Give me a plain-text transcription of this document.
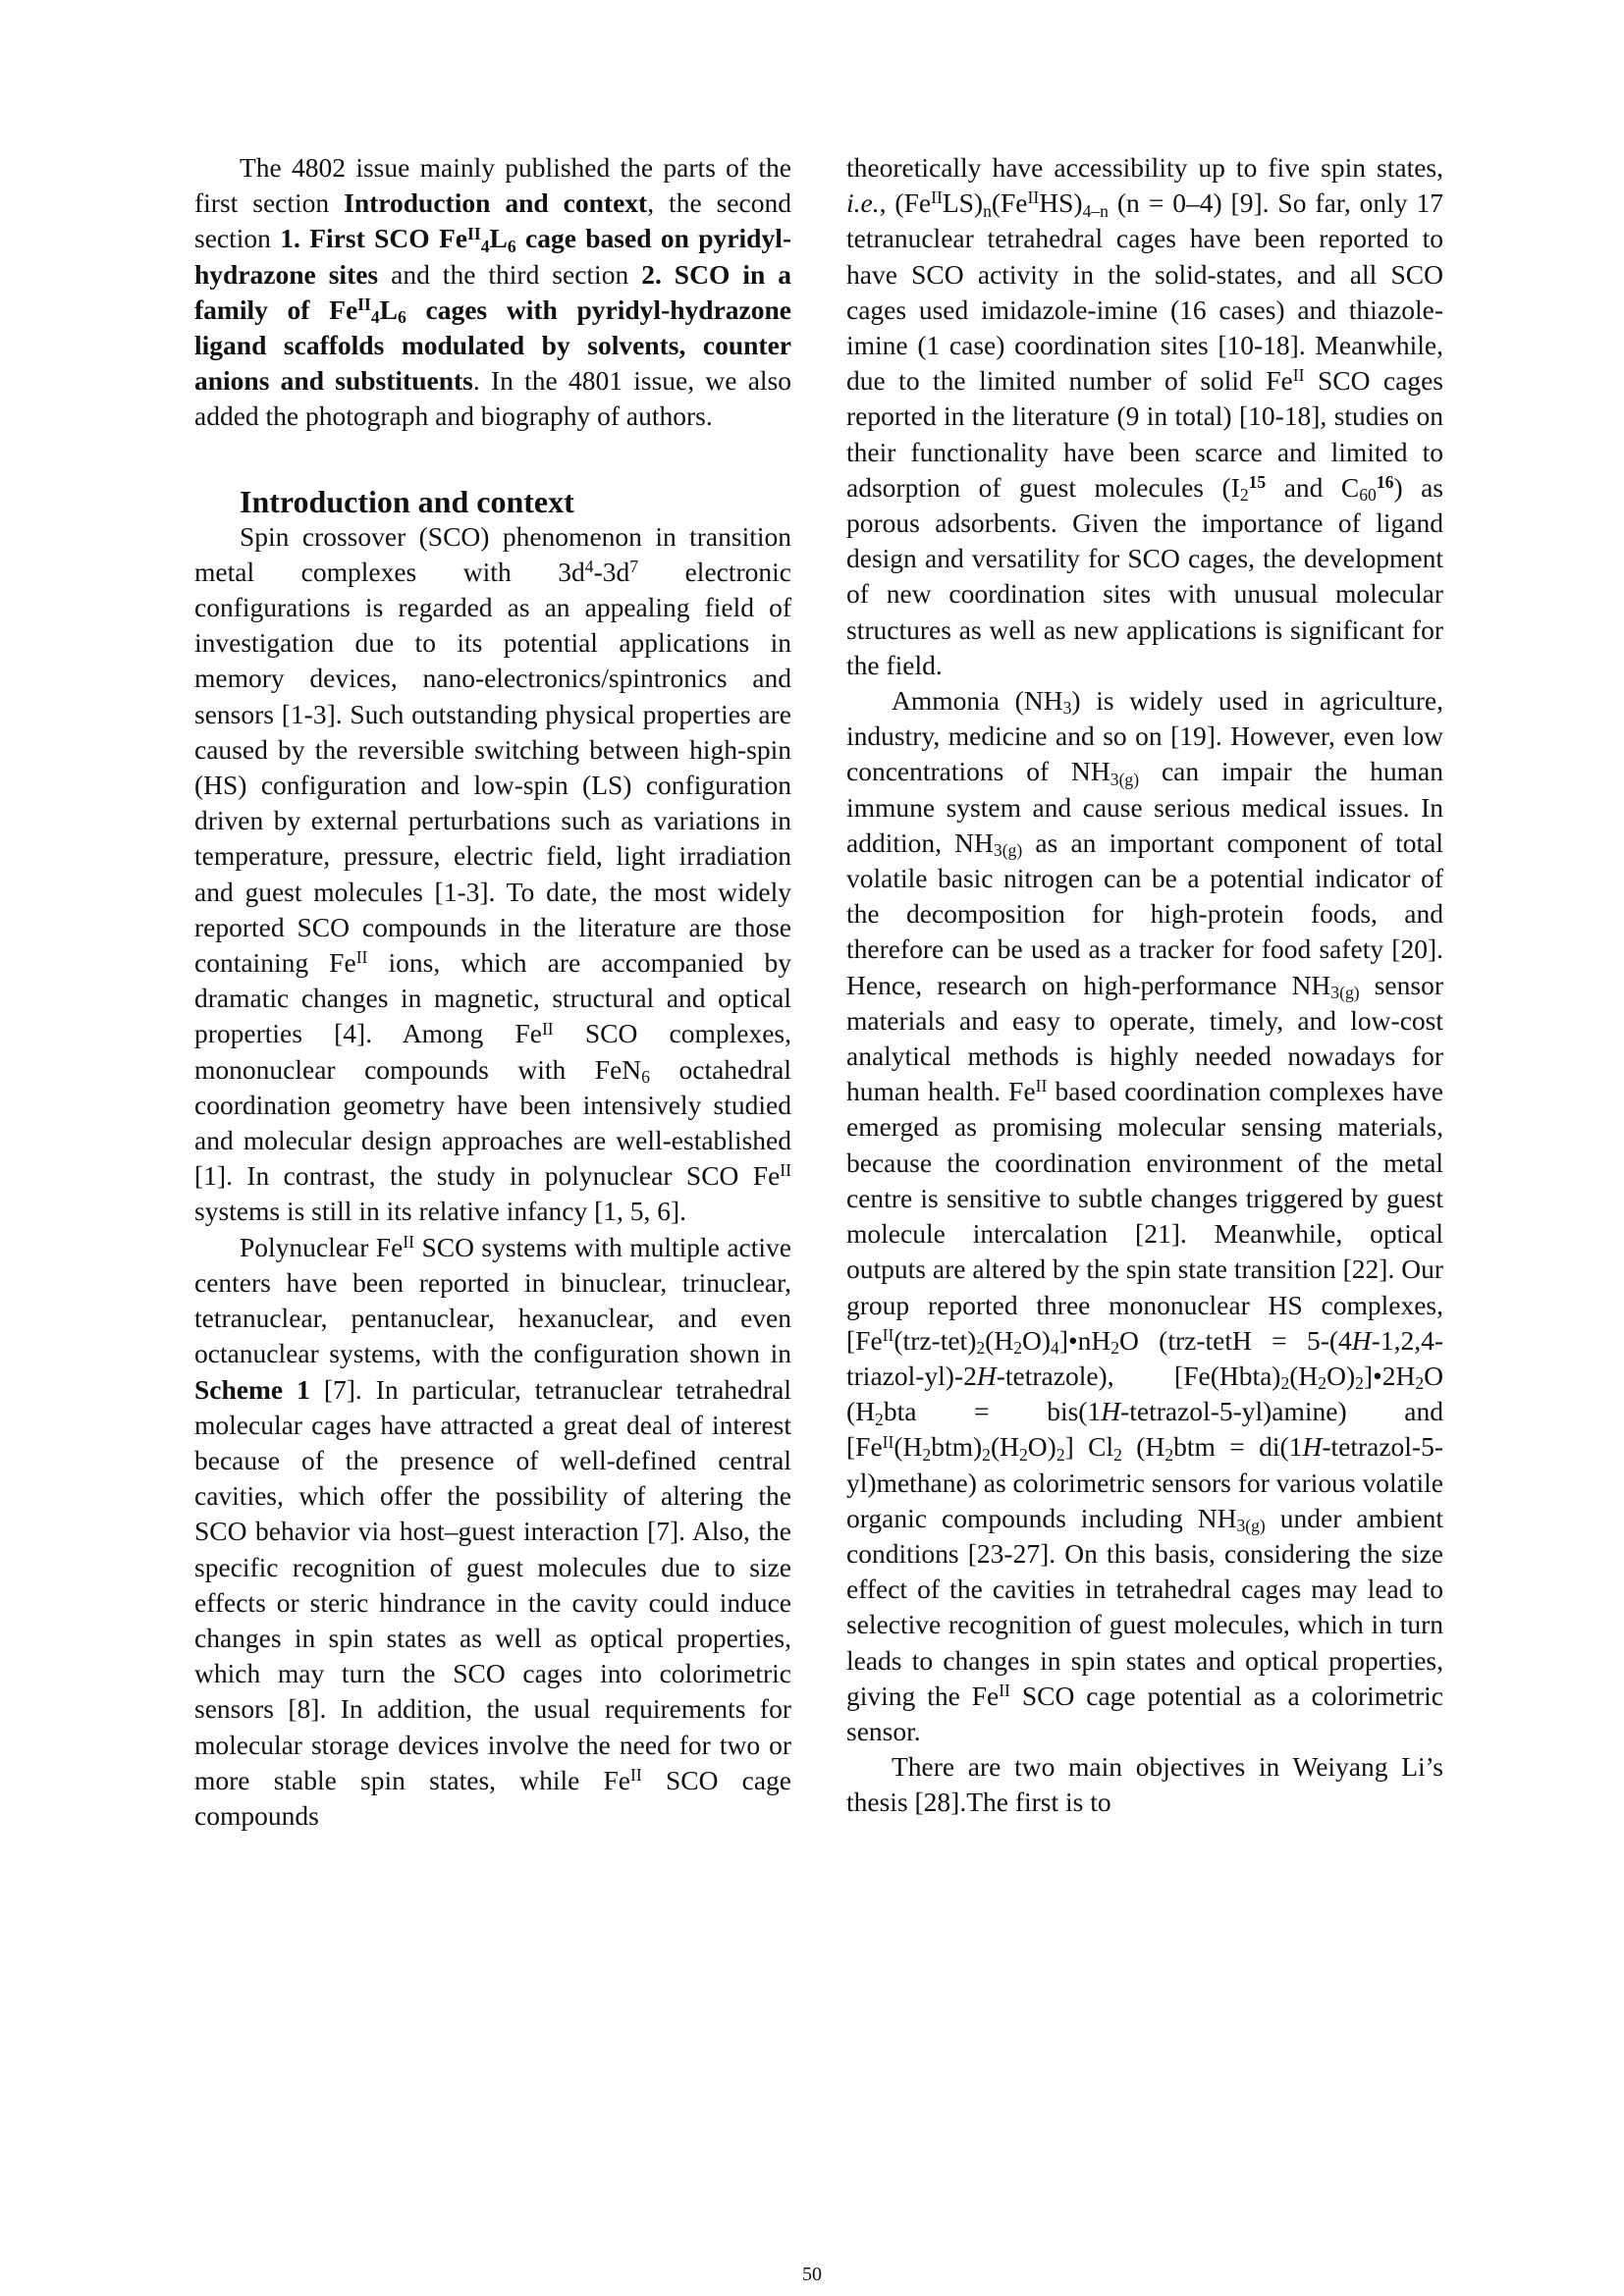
The 4802 issue mainly published the parts of the first section Introduction and context, the second section 1. First SCO $Fe^{II}_4L_6$ cage based on pyridyl-hydrazone sites and the third section 2. SCO in a family of $Fe^{II}_4L_6$ cages with pyridyl-hydrazone ligand scaffolds modulated by solvents, counter anions and substituents. In the 4801 issue, we also added the photograph and biography of authors.

Introduction and context

Spin crossover (SCO) phenomenon in transition metal complexes with $3d^4-3d^7$ electronic configurations is regarded as an appealing field of investigation due to its potential applications in memory devices, nano-electronics/spintronics and sensors [1-3]. Such outstanding physical properties are caused by the reversible switching between high-spin (HS) configuration and low-spin (LS) configuration driven by external perturbations such as variations in temperature, pressure, electric field, light irradiation and guest molecules [1-3]. To date, the most widely reported SCO compounds in the literature are those containing $Fe^{II}$ ions, which are accompanied by dramatic changes in magnetic, structural and optical properties [4]. Among $Fe^{II}$ SCO complexes, mononuclear compounds with FeN$_6$ octahedral coordination geometry have been intensively studied and molecular design approaches are well-established [1]. In contrast, the study in polynuclear SCO $Fe^{II}$ systems is still in its relative infancy [1, 5, 6].

Polynuclear $Fe^{II}$ SCO systems with multiple active centers have been reported in binuclear, trinuclear, tetranuclear, pentanuclear, hexanuclear, and even octanuclear systems, with the configuration shown in Scheme 1 [7]. In particular, tetranuclear tetrahedral molecular cages have attracted a great deal of interest because of the presence of well-defined central cavities, which offer the possibility of altering the SCO behavior via host–guest interaction [7]. Also, the specific recognition of guest molecules due to size effects or steric hindrance in the cavity could induce changes in spin states as well as optical properties, which may turn the SCO cages into colorimetric sensors [8]. In addition, the usual requirements for molecular storage devices involve the need for two or more stable spin states, while $Fe^{II}$ SCO cage compounds

theoretically have accessibility up to five spin states, i.e., $(Fe^{II}LS)_n(Fe^{II}HS)_{4-n}$ (n = 0–4) [9]. So far, only 17 tetranuclear tetrahedral cages have been reported to have SCO activity in the solid-states, and all SCO cages used imidazole-imine (16 cases) and thiazole-imine (1 case) coordination sites [10-18]. Meanwhile, due to the limited number of solid $Fe^{II}$ SCO cages reported in the literature (9 in total) [10-18], studies on their functionality have been scarce and limited to adsorption of guest molecules ($I_2^{15}$ and $C_{60}^{16}$) as porous adsorbents. Given the importance of ligand design and versatility for SCO cages, the development of new coordination sites with unusual molecular structures as well as new applications is significant for the field.

Ammonia $(NH_3)$ is widely used in agriculture, industry, medicine and so on [19]. However, even low concentrations of $NH_{3(g)}$ can impair the human immune system and cause serious medical issues. In addition, $NH_{3(g)}$ as an important component of total volatile basic nitrogen can be a potential indicator of the decomposition for high-protein foods, and therefore can be used as a tracker for food safety [20]. Hence, research on high-performance $NH_{3(g)}$ sensor materials and easy to operate, timely, and low-cost analytical methods is highly needed nowadays for human health. $Fe^{II}$ based coordination complexes have emerged as promising molecular sensing materials, because the coordination environment of the metal centre is sensitive to subtle changes triggered by guest molecule intercalation [21]. Meanwhile, optical outputs are altered by the spin state transition [22]. Our group reported three mononuclear HS complexes, $[Fe^{II}(trz-tet)_2(H_2O)_4]•nH_2O$ (trz-tetH = 5-(4H-1,2,4-triazol-yl)-2H-tetrazole), $[Fe(Hbta)_2(H_2O)_2]•2H_2O$ ($H_2bta$ = bis(1H-tetrazol-5-yl)amine) and $[Fe^{II}(H_2btm)_2(H_2O)_2]$ $Cl_2$ ($H_2btm$ = di(1H-tetrazol-5-yl)methane) as colorimetric sensors for various volatile organic compounds including $NH_{3(g)}$ under ambient conditions [23-27]. On this basis, considering the size effect of the cavities in tetrahedral cages may lead to selective recognition of guest molecules, which in turn leads to changes in spin states and optical properties, giving the $Fe^{II}$ SCO cage potential as a colorimetric sensor.

There are two main objectives in Weiyang Li’s thesis [28].The first is to

50
